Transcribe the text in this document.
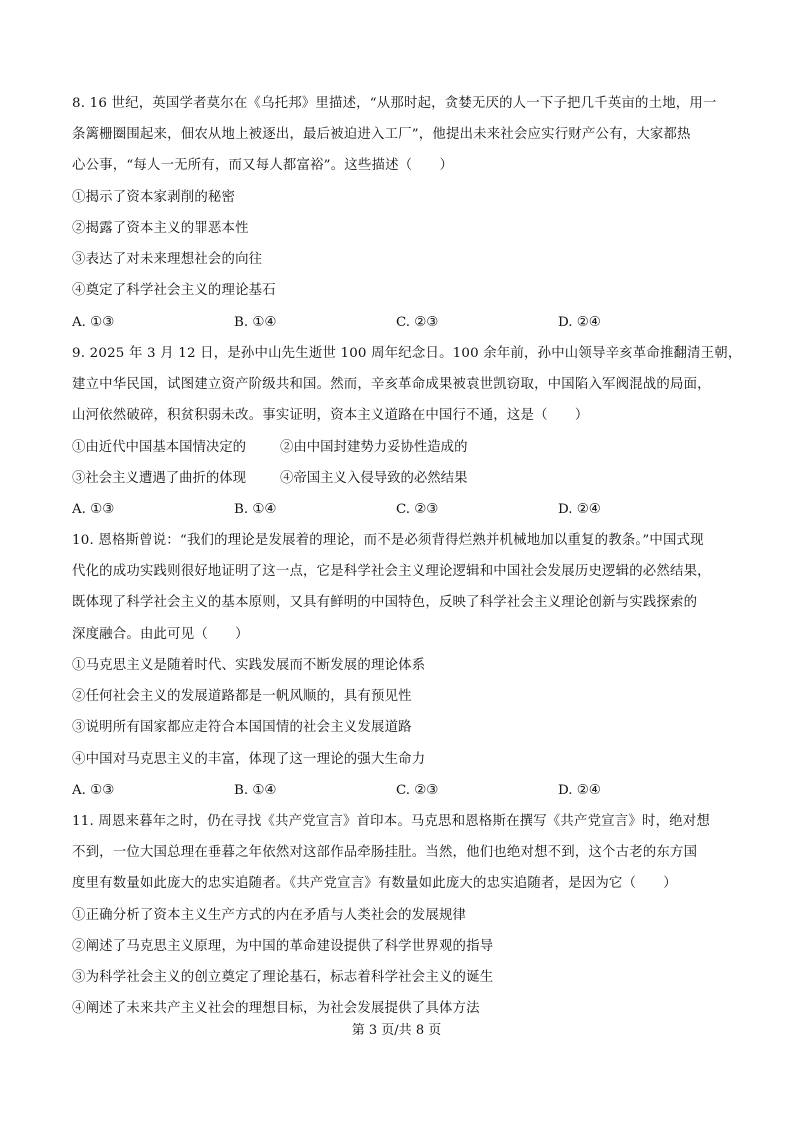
8. 16 世纪，英国学者莫尔在《乌托邦》里描述，“从那时起，贪婪无厌的人一下子把几千英亩的土地，用一
条篱栅圈围起来，佃农从地上被逐出，最后被迫进入工厂”，他提出未来社会应实行财产公有，大家都热
心公事，“每人一无所有，而又每人都富裕”。这些描述（　　）
①揭示了资本家剥削的秘密
②揭露了资本主义的罪恶本性
③表达了对未来理想社会的向往
④奠定了科学社会主义的理论基石
A. ①③	B. ①④	C. ②③	D. ②④
9. 2025 年 3 月 12 日，是孙中山先生逝世 100 周年纪念日。100 余年前，孙中山领导辛亥革命推翻清王朝，
建立中华民国，试图建立资产阶级共和国。然而，辛亥革命成果被袁世凯窃取，中国陷入军阀混战的局面，
山河依然破碎，积贫积弱未改。事实证明，资本主义道路在中国行不通，这是（　　）
①由近代中国基本国情决定的	②由中国封建势力妥协性造成的
③社会主义遭遇了曲折的体现	④帝国主义入侵导致的必然结果
A. ①③	B. ①④	C. ②③	D. ②④
10. 恩格斯曾说：“我们的理论是发展着的理论，而不是必须背得烂熟并机械地加以重复的教条。”中国式现
代化的成功实践则很好地证明了这一点，它是科学社会主义理论逻辑和中国社会发展历史逻辑的必然结果，
既体现了科学社会主义的基本原则，又具有鲜明的中国特色，反映了科学社会主义理论创新与实践探索的
深度融合。由此可见（　　）
①马克思主义是随着时代、实践发展而不断发展的理论体系
②任何社会主义的发展道路都是一帆风顺的，具有预见性
③说明所有国家都应走符合本国国情的社会主义发展道路
④中国对马克思主义的丰富，体现了这一理论的强大生命力
A. ①③	B. ①④	C. ②③	D. ②④
11. 周恩来暮年之时，仍在寻找《共产党宣言》首印本。马克思和恩格斯在撰写《共产党宣言》时，绝对想
不到，一位大国总理在垂暮之年依然对这部作品牵肠挂肚。当然，他们也绝对想不到，这个古老的东方国
度里有数量如此庞大的忠实追随者。《共产党宣言》有数量如此庞大的忠实追随者，是因为它（　　）
①正确分析了资本主义生产方式的内在矛盾与人类社会的发展规律
②阐述了马克思主义原理，为中国的革命建设提供了科学世界观的指导
③为科学社会主义的创立奠定了理论基石，标志着科学社会主义的诞生
④阐述了未来共产主义社会的理想目标，为社会发展提供了具体方法
第 3 页/共 8 页
